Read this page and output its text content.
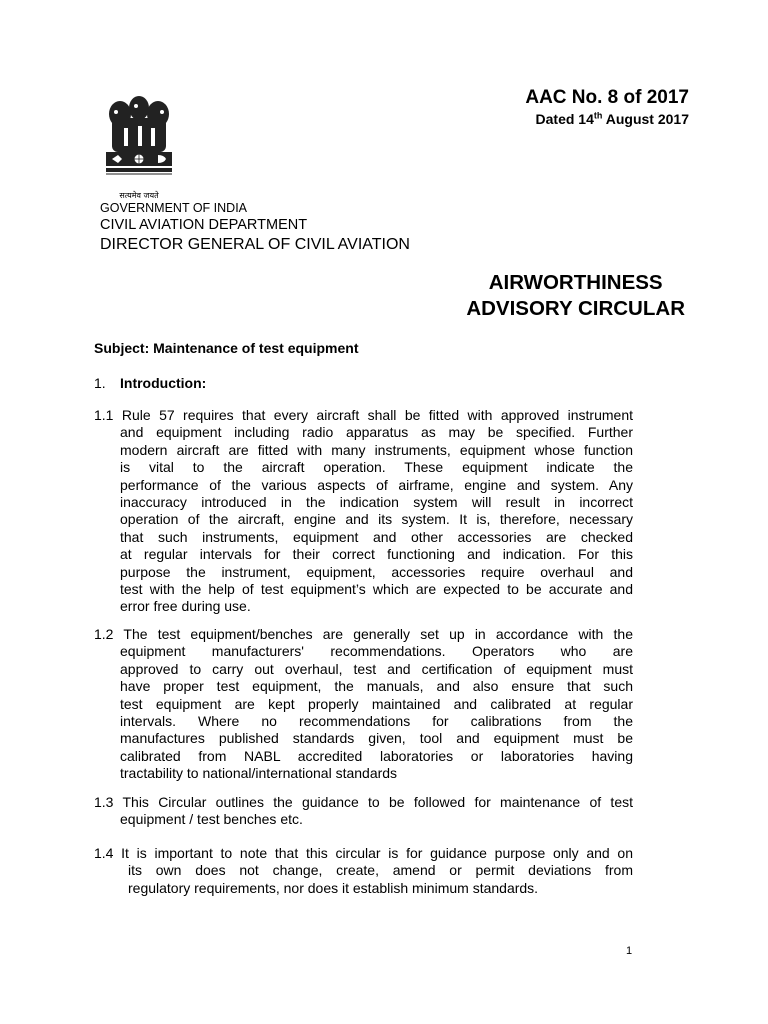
सत्यमेव जयते
AAC No. 8 of 2017
Dated 14th August 2017
GOVERNMENT OF INDIA
CIVIL AVIATION DEPARTMENT
DIRECTOR GENERAL OF CIVIL AVIATION
AIRWORTHINESS
ADVISORY CIRCULAR
Subject: Maintenance of test equipment
1. Introduction:
1.1 Rule 57 requires that every aircraft shall be fitted with approved instrument
and equipment including radio apparatus as may be specified. Further
modern aircraft are fitted with many instruments, equipment whose function
is vital to the aircraft operation. These equipment indicate the
performance of the various aspects of airframe, engine and system. Any
inaccuracy introduced in the indication system will result in incorrect
operation of the aircraft, engine and its system. It is, therefore, necessary
that such instruments, equipment and other accessories are checked
at regular intervals for their correct functioning and indication. For this
purpose the instrument, equipment, accessories require overhaul and
test with the help of test equipment’s which are expected to be accurate and
error free during use.
1.2 The test equipment/benches are generally set up in accordance with the
equipment manufacturers' recommendations. Operators who are
approved to carry out overhaul, test and certification of equipment must
have proper test equipment, the manuals, and also ensure that such
test equipment are kept properly maintained and calibrated at regular
intervals. Where no recommendations for calibrations from the
manufactures published standards given, tool and equipment must be
calibrated from NABL accredited laboratories or laboratories having
tractability to national/international standards
1.3 This Circular outlines the guidance to be followed for maintenance of test
equipment / test benches etc.
1.4 It is important to note that this circular is for guidance purpose only and on
its own does not change, create, amend or permit deviations from
regulatory requirements, nor does it establish minimum standards.
1
